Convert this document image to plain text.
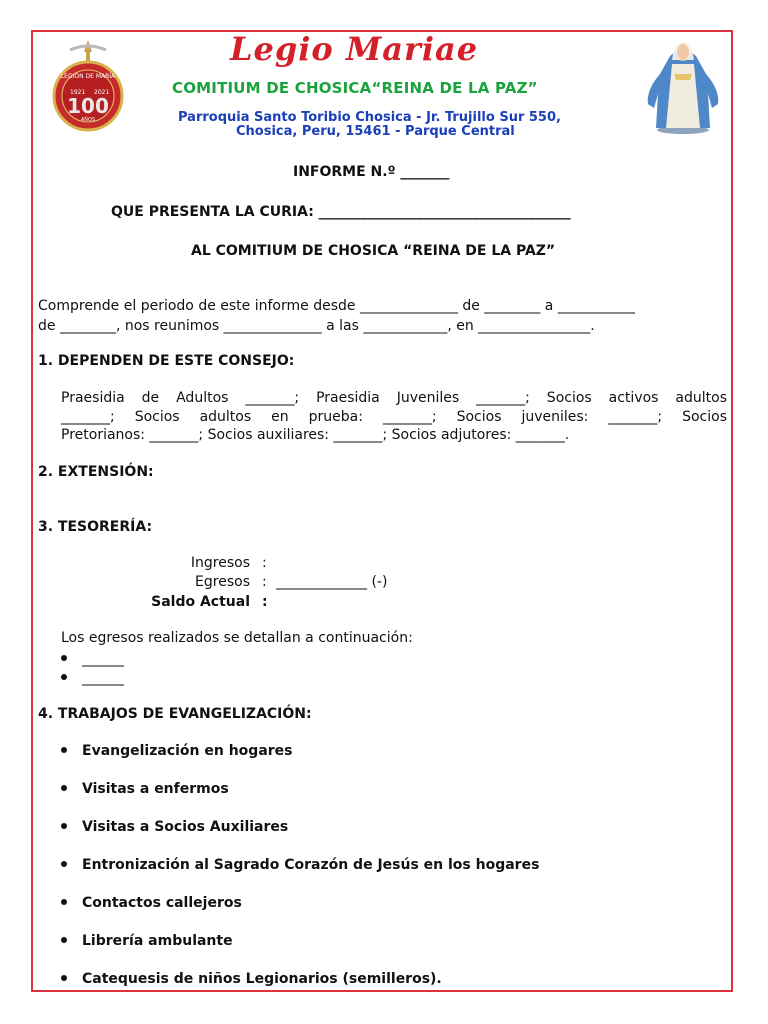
LEGIÓN DE MARÍA
1921 2021
100
AÑOS
Legio Mariae
COMITIUM DE CHOSICA“REINA DE LA PAZ”
Parroquia Santo Toribio Chosica - Jr. Trujillo Sur 550,
Chosica, Peru, 15461 - Parque Central
INFORME N.º _______
QUE PRESENTA LA CURIA: ____________________________________
AL COMITIUM DE CHOSICA “REINA DE LA PAZ”
Comprende el periodo de este informe desde ______________ de ________ a ___________
de ________, nos reunimos ______________ a las ____________, en ________________.
1. DEPENDEN DE ESTE CONSEJO:
Praesidia de Adultos _______; Praesidia Juveniles _______; Socios activos adultos
_______; Socios adultos en prueba: _______; Socios juveniles: _______; Socios
Pretorianos: _______; Socios auxiliares: _______; Socios adjutores: _______.
2. EXTENSIÓN:
3. TESORERÍA:
Ingresos :
Egresos : _____________ (-)
Saldo Actual :
Los egresos realizados se detallan a continuación:
______
______
4. TRABAJOS DE EVANGELIZACIÓN:
Evangelización en hogares
Visitas a enfermos
Visitas a Socios Auxiliares
Entronización al Sagrado Corazón de Jesús en los hogares
Contactos callejeros
Librería ambulante
Catequesis de niños Legionarios (semilleros).
